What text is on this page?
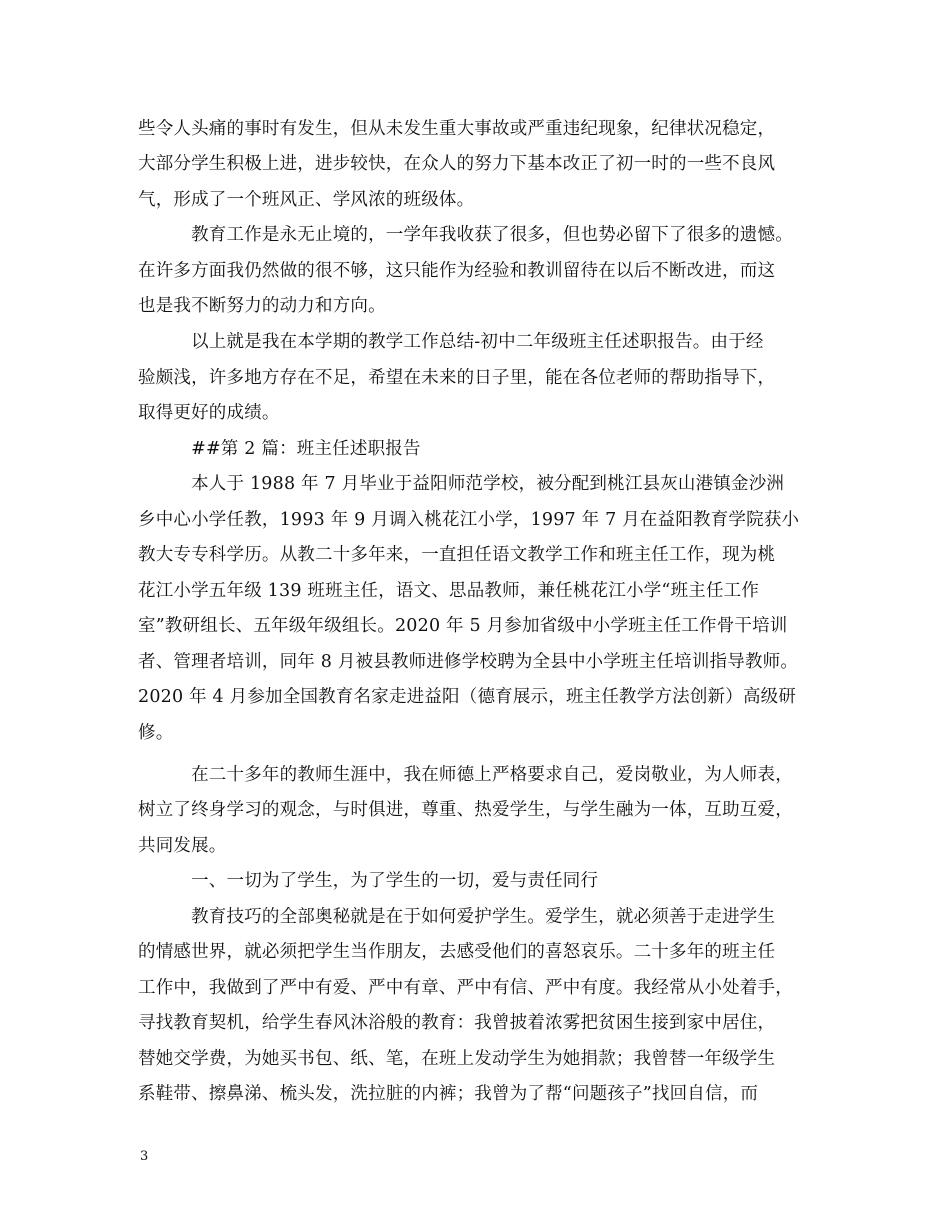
些令人头痛的事时有发生，但从未发生重大事故或严重违纪现象，纪律状况稳定，
大部分学生积极上进，进步较快，在众人的努力下基本改正了初一时的一些不良风
气，形成了一个班风正、学风浓的班级体。
　　　教育工作是永无止境的，一学年我收获了很多，但也势必留下了很多的遗憾。
在许多方面我仍然做的很不够，这只能作为经验和教训留待在以后不断改进，而这
也是我不断努力的动力和方向。
　　　以上就是我在本学期的教学工作总结-初中二年级班主任述职报告。由于经
验颇浅，许多地方存在不足，希望在未来的日子里，能在各位老师的帮助指导下，
取得更好的成绩。
　　　##第 2 篇：班主任述职报告
　　　本人于 1988 年 7 月毕业于益阳师范学校，被分配到桃江县灰山港镇金沙洲
乡中心小学任教，1993 年 9 月调入桃花江小学，1997 年 7 月在益阳教育学院获小
教大专专科学历。从教二十多年来，一直担任语文教学工作和班主任工作，现为桃
花江小学五年级 139 班班主任，语文、思品教师，兼任桃花江小学“班主任工作
室”教研组长、五年级年级组长。2020 年 5 月参加省级中小学班主任工作骨干培训
者、管理者培训，同年 8 月被县教师进修学校聘为全县中小学班主任培训指导教师。
2020 年 4 月参加全国教育名家走进益阳（德育展示，班主任教学方法创新）高级研
修。
　　　在二十多年的教师生涯中，我在师德上严格要求自己，爱岗敬业，为人师表，
树立了终身学习的观念，与时俱进，尊重、热爱学生，与学生融为一体，互助互爱，
共同发展。
　　　一、一切为了学生，为了学生的一切，爱与责任同行
　　　教育技巧的全部奥秘就是在于如何爱护学生。爱学生，就必须善于走进学生
的情感世界，就必须把学生当作朋友，去感受他们的喜怒哀乐。二十多年的班主任
工作中，我做到了严中有爱、严中有章、严中有信、严中有度。我经常从小处着手，
寻找教育契机，给学生春风沐浴般的教育：我曾披着浓雾把贫困生接到家中居住，
替她交学费，为她买书包、纸、笔，在班上发动学生为她捐款；我曾替一年级学生
系鞋带、擦鼻涕、梳头发，洗拉脏的内裤；我曾为了帮“问题孩子”找回自信，而
3
